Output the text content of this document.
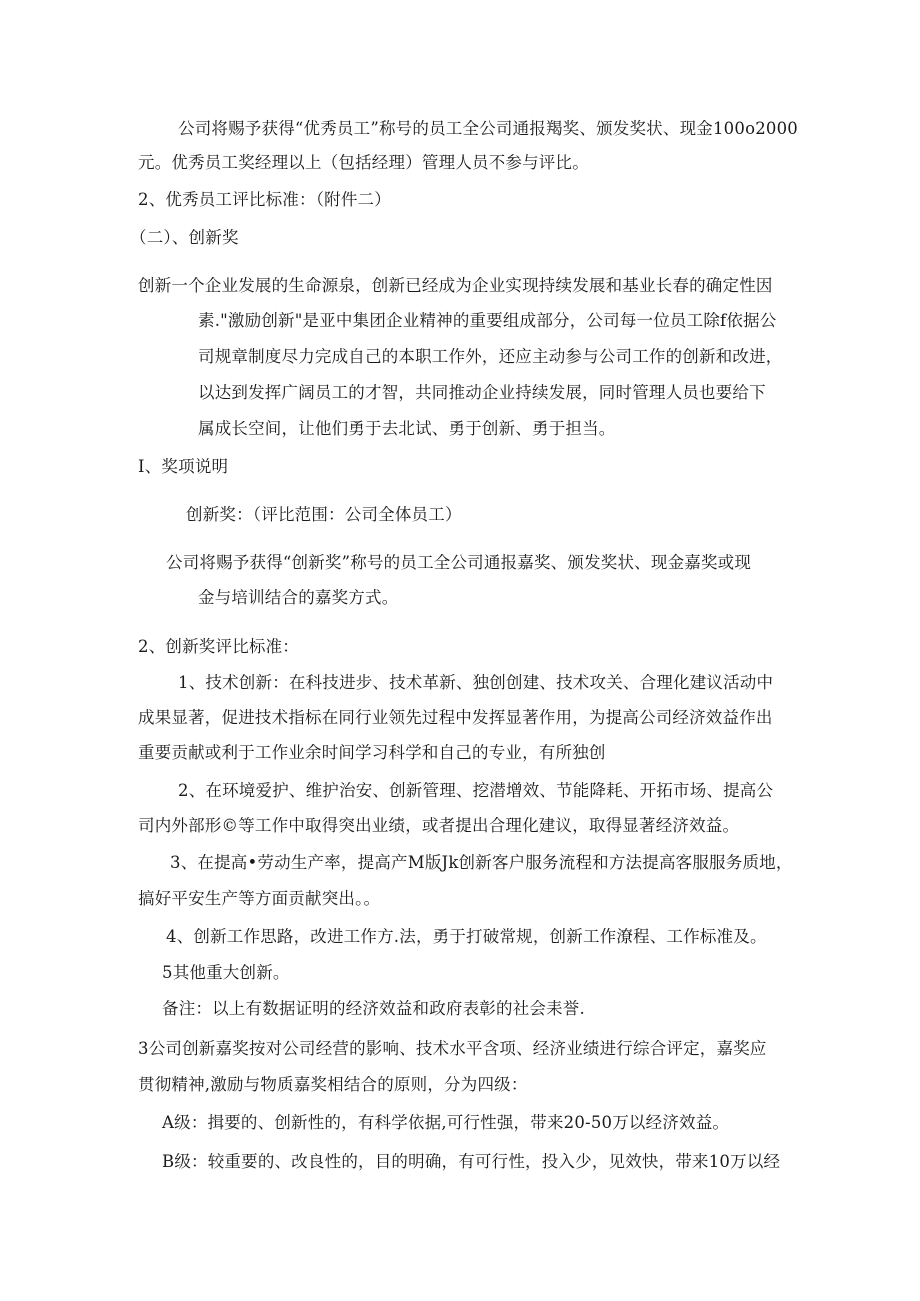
公司将赐予获得“优秀员工”称号的员工全公司通报羯奖、颁发奖状、现金100o2000
元。优秀员工奖经理以上（包括经理）管理人员不参与评比。
2、优秀员工评比标准：（附件二）
（二）、创新奖
创新一个企业发展的生命源泉，创新已经成为企业实现持续发展和基业长春的确定性因
素."激励创新"是亚中集团企业精神的重要组成部分，公司每一位员工除f依据公
司规章制度尽力完成自己的本职工作外，还应主动参与公司工作的创新和改进，
以达到发挥广阔员工的才智，共同推动企业持续发展，同时管理人员也要给下
属成长空间，让他们勇于去北试、勇于创新、勇于担当。
I、奖项说明
创新奖：（评比范围：公司全体员工）
公司将赐予获得“创新奖”称号的员工全公司通报嘉奖、颁发奖状、现金嘉奖或现
金与培训结合的嘉奖方式。
2、创新奖评比标准：
1、技术创新：在科技进步、技术革新、独创创建、技术攻关、合理化建议活动中
成果显著，促进技术指标在同行业领先过程中发挥显著作用，为提高公司经济效益作出
重要贡献或利于工作业余时间学习科学和自己的专业，有所独创
2、在环境爱护、维护治安、创新管理、挖潜增效、节能降耗、开拓市场、提高公
司内外部形©等工作中取得突出业绩，或者提出合理化建议，取得显著经济效益。
3、在提高•劳动生产率，提高产M版Jk创新客户服务流程和方法提高客服服务质地，
搞好平安生产等方面贡献突出。。
4、创新工作思路，改进工作方.法，勇于打破常规，创新工作潦程、工作标准及。
5其他重大创新。
备注：以上有数据证明的经济效益和政府表彰的社会耒誉.
3公司创新嘉奖按对公司经营的影响、技术水平含项、经济业绩进行综合评定，嘉奖应
贯彻精神,激励与物质嘉奖相结合的原则，分为四级：
A级：揖要的、创新性的，有科学依据,可行性强，带来20-50万以经济效益。
B级：较重要的、改良性的，目的明确，有可行性，投入少，见效快，带来10万以经
